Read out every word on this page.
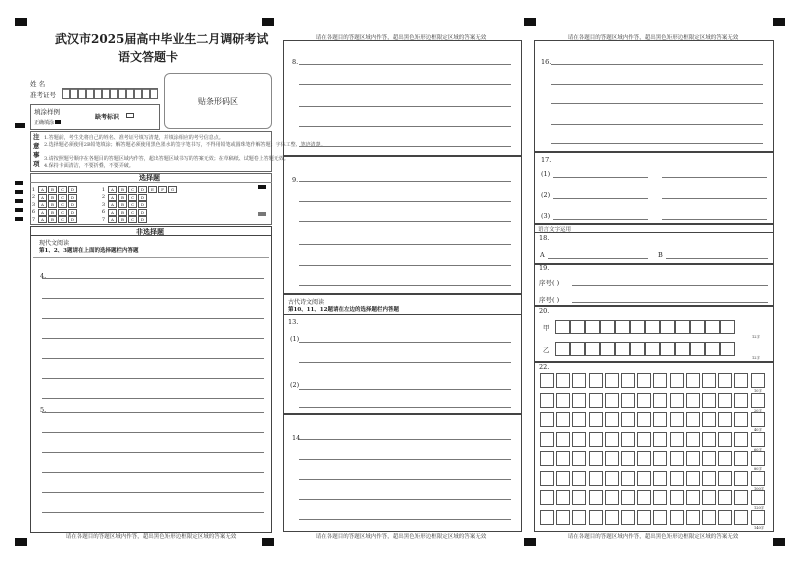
武汉市2025届高中毕业生二月调研考试
语文答题卡
姓 名
准考证号
贴条形码区
填涂样例
正确填涂
缺考标识
注意事项
1.答题前，考生先将自己的姓名、准考证号填写清楚，并填涂相应的考号信息点。
2.选择题必须使用2B铅笔填涂；解答题必须使用黑色墨水的签字笔书写，不得用铅笔或圆珠笔作解答题；字体工整、笔迹清楚。
3.请按照题号顺序在各题目的答题区域内作答，超出答题区域书写的答案无效；在草稿纸、试题卷上答题无效。
4.保持卡面清洁，不要折叠，不要弄破。
选择题
非选择题
现代文阅读
第1、2、3题请在上面的选择题栏内答题
4.
5.
请在各题目的答题区域内作答，超出黑色矩形边框限定区域的答案无效
请在各题目的答题区域内作答，超出黑色矩形边框限定区域的答案无效
8.
9.
古代诗文阅读
第10、11、12题请在左边的选择题栏内答题
13.
(1)
(2)
14.
请在各题目的答题区域内作答，超出黑色矩形边框限定区域的答案无效
请在各题目的答题区域内作答，超出黑色矩形边框限定区域的答案无效
16.
17.
(1)
(2)
(3)
语言文字运用
18.
A	B
19.
序号( )
序号( )
20.
甲
乙
12字
12字
22.
请在各题目的答题区域内作答，超出黑色矩形边框限定区域的答案无效
1	A	B	C	D
2	A	B	C	D
3	A	B	C	D
6	A	B	C	D
7	A	B	C	D
1	A	B	C	D	E	F	G
2	A	B	C	D
3	A	B	C	D
6	A	B	C	D
7	A	B	C	D
10字
20字
40字
60字
80字
100字
120字
140字
